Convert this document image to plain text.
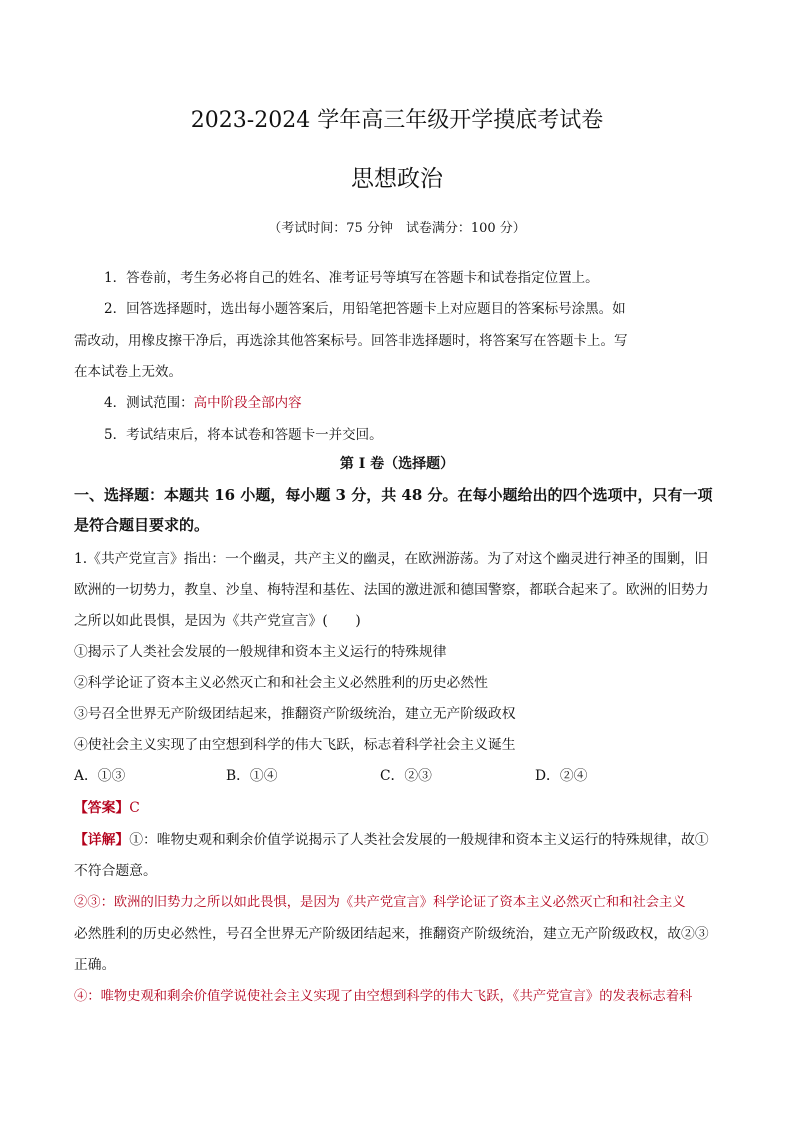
2023-2024 学年高三年级开学摸底考试卷
思想政治
（考试时间：75 分钟　试卷满分：100 分）
1．答卷前，考生务必将自己的姓名、准考证号等填写在答题卡和试卷指定位置上。
2．回答选择题时，选出每小题答案后，用铅笔把答题卡上对应题目的答案标号涂黑。如
需改动，用橡皮擦干净后，再选涂其他答案标号。回答非选择题时，将答案写在答题卡上。写
在本试卷上无效。
4．测试范围：高中阶段全部内容
5．考试结束后，将本试卷和答题卡一并交回。
第 I 卷（选择题）
一、选择题：本题共 16 小题，每小题 3 分，共 48 分。在每小题给出的四个选项中，只有一项
是符合题目要求的。
1.《共产党宣言》指出：一个幽灵，共产主义的幽灵，在欧洲游荡。为了对这个幽灵进行神圣的围剿，旧
欧洲的一切势力，教皇、沙皇、梅特涅和基佐、法国的激进派和德国警察，都联合起来了。欧洲的旧势力
之所以如此畏惧，是因为《共产党宣言》(　　)
①揭示了人类社会发展的一般规律和资本主义运行的特殊规律
②科学论证了资本主义必然灭亡和和社会主义必然胜利的历史必然性
③号召全世界无产阶级团结起来，推翻资产阶级统治，建立无产阶级政权
④使社会主义实现了由空想到科学的伟大飞跃，标志着科学社会主义诞生
A．①③	B．①④	C．②③	D．②④
【答案】C
【详解】①：唯物史观和剩余价值学说揭示了人类社会发展的一般规律和资本主义运行的特殊规律，故①
不符合题意。
②③：欧洲的旧势力之所以如此畏惧，是因为《共产党宣言》科学论证了资本主义必然灭亡和和社会主义
必然胜利的历史必然性，号召全世界无产阶级团结起来，推翻资产阶级统治，建立无产阶级政权，故②③
正确。
④：唯物史观和剩余价值学说使社会主义实现了由空想到科学的伟大飞跃，《共产党宣言》的发表标志着科
